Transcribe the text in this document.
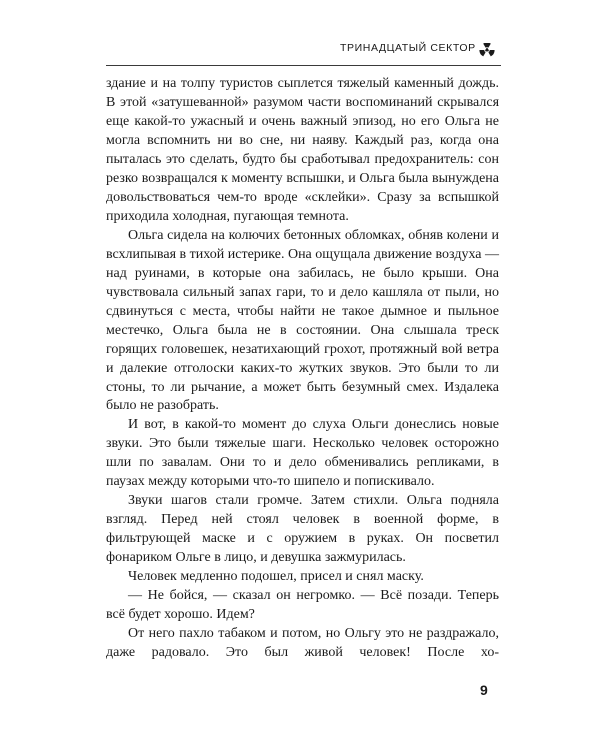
ТРИНАДЦАТЫЙ СЕКТОР

здание и на толпу туристов сыплется тяжелый каменный дождь. В этой «затушеванной» разумом части воспоминаний скрывался еще какой-то ужасный и очень важный эпизод, но его Ольга не могла вспомнить ни во сне, ни наяву. Каждый раз, когда она пыталась это сделать, будто бы сработывал предохранитель: сон резко возвращался к моменту вспышки, и Ольга была вынуждена довольствоваться чем-то вроде «склейки». Сразу за вспышкой приходила холодная, пугающая темнота.

Ольга сидела на колючих бетонных обломках, обняв колени и всхлипывая в тихой истерике. Она ощущала движение воздуха — над руинами, в которые она забилась, не было крыши. Она чувствовала сильный запах гари, то и дело кашляла от пыли, но сдвинуться с места, чтобы найти не такое дымное и пыльное местечко, Ольга была не в состоянии. Она слышала треск горящих головешек, незатихающий грохот, протяжный вой ветра и далекие отголоски каких-то жутких звуков. Это были то ли стоны, то ли рычание, а может быть безумный смех. Издалека было не разобрать.

И вот, в какой-то момент до слуха Ольги донеслись новые звуки. Это были тяжелые шаги. Несколько человек осторожно шли по завалам. Они то и дело обменивались репликами, в паузах между которыми что-то шипело и попискивало.

Звуки шагов стали громче. Затем стихли. Ольга подняла взгляд. Перед ней стоял человек в военной форме, в фильтрующей маске и с оружием в руках. Он посветил фонариком Ольге в лицо, и девушка зажмурилась.

Человек медленно подошел, присел и снял маску.

— Не бойся, — сказал он негромко. — Всё позади. Теперь всё будет хорошо. Идем?

От него пахло табаком и потом, но Ольгу это не раздражало, даже радовало. Это был живой человек! После хо-

9
